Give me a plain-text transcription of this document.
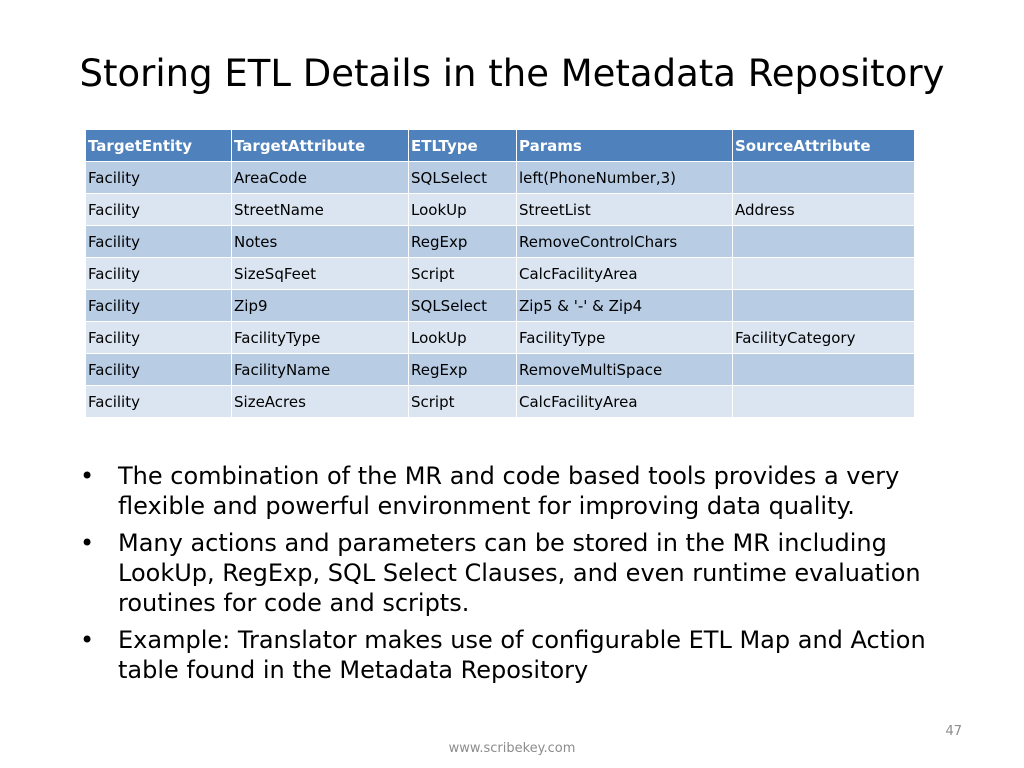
Storing ETL Details in the Metadata Repository
TargetEntity	TargetAttribute	ETLType	Params	SourceAttribute
Facility	AreaCode	SQLSelect	left(PhoneNumber,3)	
Facility	StreetName	LookUp	StreetList	Address
Facility	Notes	RegExp	RemoveControlChars	
Facility	SizeSqFeet	Script	CalcFacilityArea	
Facility	Zip9	SQLSelect	Zip5 & '-' & Zip4	
Facility	FacilityType	LookUp	FacilityType	FacilityCategory
Facility	FacilityName	RegExp	RemoveMultiSpace	
Facility	SizeAcres	Script	CalcFacilityArea	
• The combination of the MR and code based tools provides a very flexible and powerful environment for improving data quality.
• Many actions and parameters can be stored in the MR including LookUp, RegExp, SQL Select Clauses, and even runtime evaluation routines for code and scripts.
• Example: Translator makes use of configurable ETL Map and Action table found in the Metadata Repository
47
www.scribekey.com
